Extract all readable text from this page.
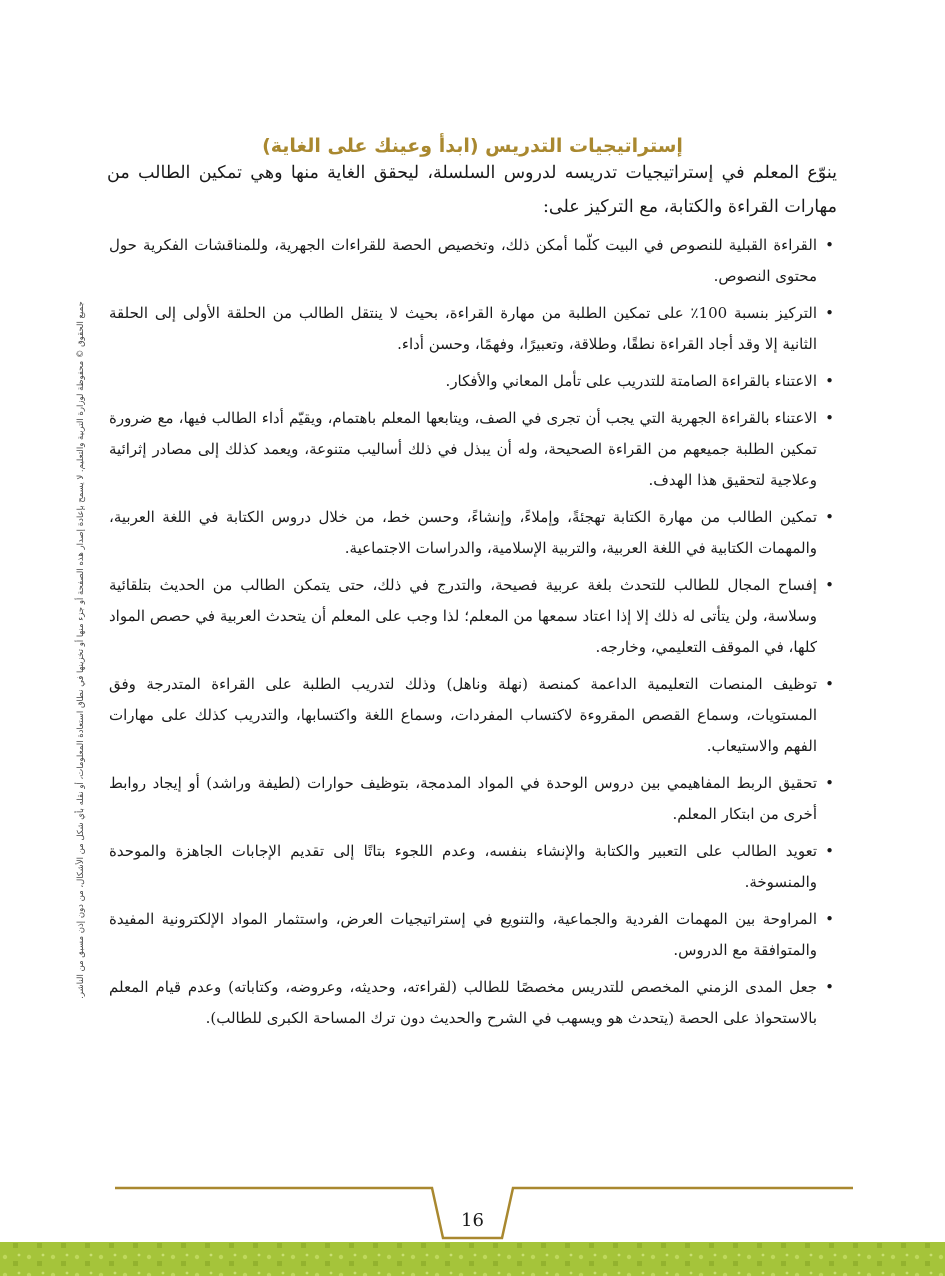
جميع الحقوق © محفوظة لوزارة التربية والتعليم. لا يسمح بإعادة إصدار هذه الصفحة أو جزء منها أو تخزينها في نطاق استعادة المعلومات، أو نقله بأي شكل من الأشكال، من دون إذن مسبق من الناشر.
إستراتيجيات التدريس (ابدأ وعينك على الغاية)

ينوّع المعلم في إستراتيجيات تدريسه لدروس السلسلة، ليحقق الغاية منها وهي تمكين الطالب من مهارات القراءة والكتابة، مع التركيز على:

•
القراءة القبلية للنصوص في البيت كلّما أمكن ذلك، وتخصيص الحصة للقراءات الجهرية، وللمناقشات الفكرية حول محتوى النصوص.
•
التركيز بنسبة 100٪ على تمكين الطلبة من مهارة القراءة، بحيث لا ينتقل الطالب من الحلقة الأولى إلى الحلقة الثانية إلا وقد أجاد القراءة نطقًا، وطلاقة، وتعبيرًا، وفهمًا، وحسن أداء.
•
الاعتناء بالقراءة الصامتة للتدريب على تأمل المعاني والأفكار.
•
الاعتناء بالقراءة الجهرية التي يجب أن تجرى في الصف، ويتابعها المعلم باهتمام، ويقيّم أداء الطالب فيها، مع ضرورة تمكين الطلبة جميعهم من القراءة الصحيحة، وله أن يبذل في ذلك أساليب متنوعة، ويعمد كذلك إلى مصادر إثرائية وعلاجية لتحقيق هذا الهدف.
•
تمكين الطالب من مهارة الكتابة تهجئةً، وإملاءً، وإنشاءً، وحسن خط، من خلال دروس الكتابة في اللغة العربية، والمهمات الكتابية في اللغة العربية، والتربية الإسلامية، والدراسات الاجتماعية.
•
إفساح المجال للطالب للتحدث بلغة عربية فصيحة، والتدرج في ذلك، حتى يتمكن الطالب من الحديث بتلقائية وسلاسة، ولن يتأتى له ذلك إلا إذا اعتاد سمعها من المعلم؛ لذا وجب على المعلم أن يتحدث العربية في حصص المواد كلها، في الموقف التعليمي، وخارجه.
•
توظيف المنصات التعليمية الداعمة كمنصة (نهلة وناهل) وذلك لتدريب الطلبة على القراءة المتدرجة وفق المستويات، وسماع القصص المقروءة لاكتساب المفردات، وسماع اللغة واكتسابها، والتدريب كذلك على مهارات الفهم والاستيعاب.
•
تحقيق الربط المفاهيمي بين دروس الوحدة في المواد المدمجة، بتوظيف حوارات (لطيفة وراشد) أو إيجاد روابط أخرى من ابتكار المعلم.
•
تعويد الطالب على التعبير والكتابة والإنشاء بنفسه، وعدم اللجوء بتاتًا إلى تقديم الإجابات الجاهزة والموحدة والمنسوخة.
•
المراوحة بين المهمات الفردية والجماعية، والتنويع في إستراتيجيات العرض، واستثمار المواد الإلكترونية المفيدة والمتوافقة مع الدروس.
•
جعل المدى الزمني المخصص للتدريس مخصصًا للطالب (لقراءته، وحديثه، وعروضه، وكتاباته) وعدم قيام المعلم بالاستحواذ على الحصة (يتحدث هو ويسهب في الشرح والحديث دون ترك المساحة الكبرى للطالب).
16
